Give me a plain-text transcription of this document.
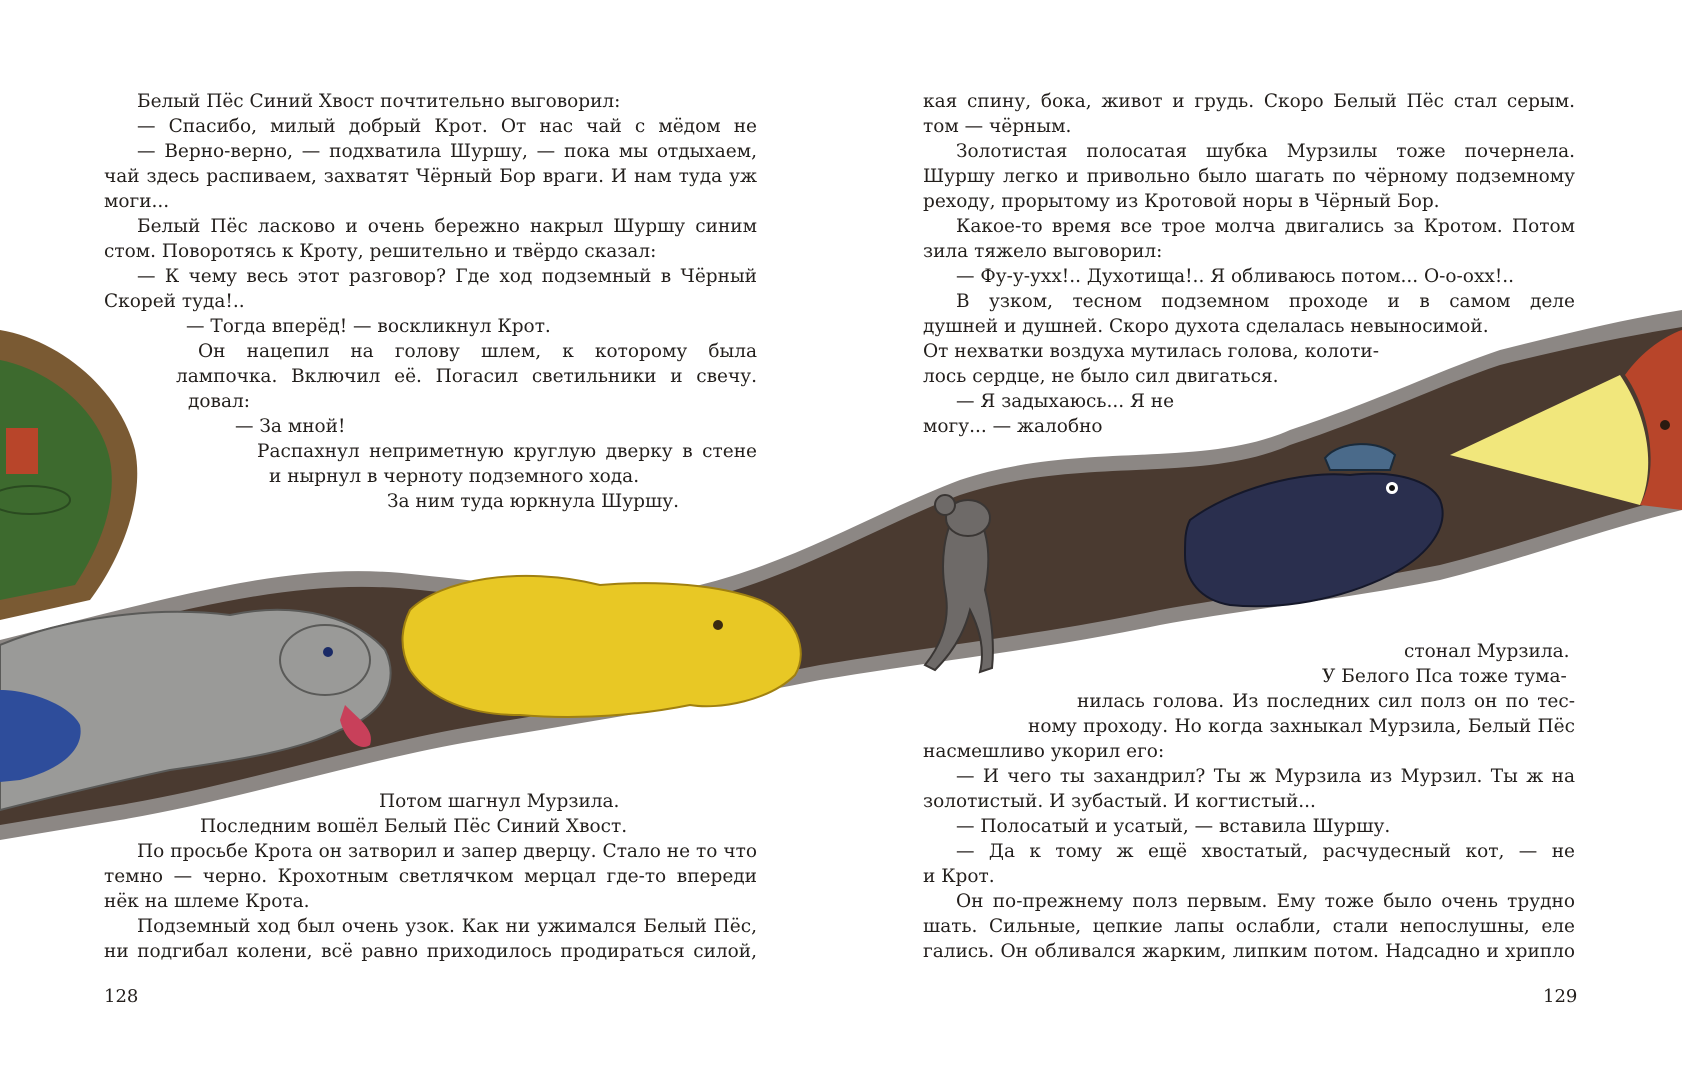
Белый Пёс Синий Хвост почтительно выговорил:
— Спасибо, милый добрый Крот. От нас чай с мёдом не
— Верно-верно, — подхватила Шуршу, — пока мы отдыхаем,
чай здесь распиваем, захватят Чёрный Бор враги. И нам туда уж
моги...
Белый Пёс ласково и очень бережно накрыл Шуршу синим
стом. Поворотясь к Кроту, решительно и твёрдо сказал:
— К чему весь этот разговор? Где ход подземный в Чёрный
Скорей туда!..
— Тогда вперёд! — воскликнул Крот.
Он нацепил на голову шлем, к которому была
лампочка. Включил её. Погасил светильники и свечу.
довал:
— За мной!
Распахнул неприметную круглую дверку в стене
и нырнул в черноту подземного хода.
За ним туда юркнула Шуршу.
Потом шагнул Мурзила.
Последним вошёл Белый Пёс Синий Хвост.
По просьбе Крота он затворил и запер дверцу. Стало не то что
темно — черно. Крохотным светлячком мерцал где-то впереди
нёк на шлеме Крота.
Подземный ход был очень узок. Как ни ужимался Белый Пёс,
ни подгибал колени, всё равно приходилось продираться силой,
128
кая спину, бока, живот и грудь. Скоро Белый Пёс стал серым.
том — чёрным.
Золотистая полосатая шубка Мурзилы тоже почернела.
Шуршу легко и привольно было шагать по чёрному подземному
реходу, прорытому из Кротовой норы в Чёрный Бор.
Какое-то время все трое молча двигались за Кротом. Потом
зила тяжело выговорил:
— Фу-у-ухх!.. Духотища!.. Я обливаюсь потом... О-о-охх!..
В узком, тесном подземном проходе и в самом деле
душней и душней. Скоро духота сделалась невыносимой.
От нехватки воздуха мутилась голова, колоти-
лось сердце, не было сил двигаться.
— Я задыхаюсь... Я не
могу... — жалобно
стонал Мурзила.
У Белого Пса тоже тума-
нилась голова. Из последних сил полз он по тес-
ному проходу. Но когда захныкал Мурзила, Белый Пёс
насмешливо укорил его:
— И чего ты захандрил? Ты ж Мурзила из Мурзил. Ты ж на
золотистый. И зубастый. И когтистый...
— Полосатый и усатый, — вставила Шуршу.
— Да к тому ж ещё хвостатый, расчудесный кот, — не
и Крот.
Он по-прежнему полз первым. Ему тоже было очень трудно
шать. Сильные, цепкие лапы ослабли, стали непослушны, еле
гались. Он обливался жарким, липким потом. Надсадно и хрипло
129
